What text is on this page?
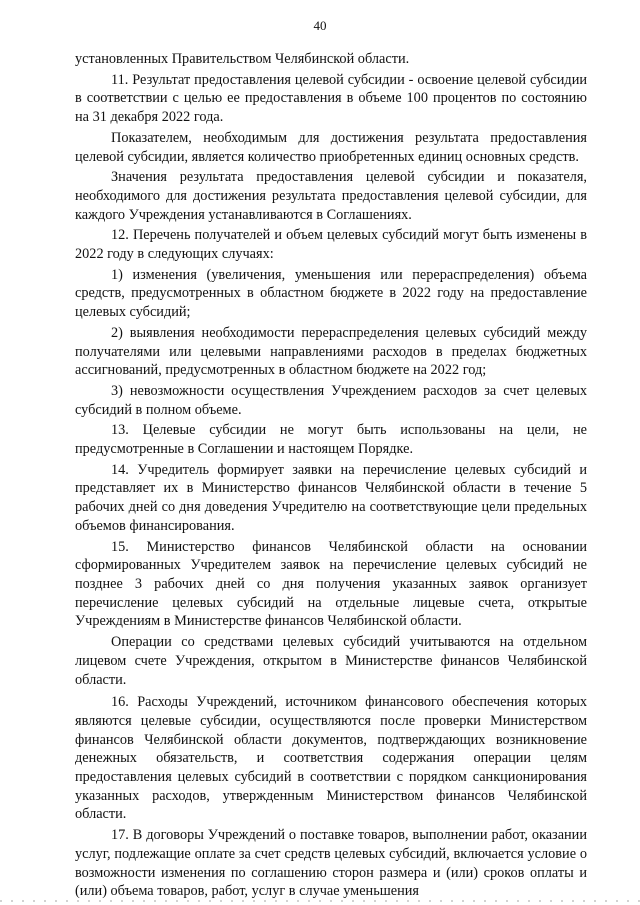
40

установленных Правительством Челябинской области.

11. Результат предоставления целевой субсидии - освоение целевой субсидии в соответствии с целью ее предоставления в объеме 100 процентов по состоянию на 31 декабря 2022 года.

Показателем, необходимым для достижения результата предоставления целевой субсидии, является количество приобретенных единиц основных средств.

Значения результата предоставления целевой субсидии и показателя, необходимого для достижения результата предоставления целевой субсидии, для каждого Учреждения устанавливаются в Соглашениях.

12. Перечень получателей и объем целевых субсидий могут быть изменены в 2022 году в следующих случаях:

1) изменения (увеличения, уменьшения или перераспределения) объема средств, предусмотренных в областном бюджете в 2022 году на предоставление целевых субсидий;

2) выявления необходимости перераспределения целевых субсидий между получателями или целевыми направлениями расходов в пределах бюджетных ассигнований, предусмотренных в областном бюджете на 2022 год;

3) невозможности осуществления Учреждением расходов за счет целевых субсидий в полном объеме.

13. Целевые субсидии не могут быть использованы на цели, не предусмотренные в Соглашении и настоящем Порядке.

14. Учредитель формирует заявки на перечисление целевых субсидий и представляет их в Министерство финансов Челябинской области в течение 5 рабочих дней со дня доведения Учредителю на соответствующие цели предельных объемов финансирования.

15. Министерство финансов Челябинской области на основании сформированных Учредителем заявок на перечисление целевых субсидий не позднее 3 рабочих дней со дня получения указанных заявок организует перечисление целевых субсидий на отдельные лицевые счета, открытые Учреждениям в Министерстве финансов Челябинской области.

Операции со средствами целевых субсидий учитываются на отдельном лицевом счете Учреждения, открытом в Министерстве финансов Челябинской области.

16. Расходы Учреждений, источником финансового обеспечения которых являются целевые субсидии, осуществляются после проверки Министерством финансов Челябинской области документов, подтверждающих возникновение денежных обязательств, и соответствия содержания операции целям предоставления целевых субсидий в соответствии с порядком санкционирования указанных расходов, утвержденным Министерством финансов Челябинской области.

17. В договоры Учреждений о поставке товаров, выполнении работ, оказании услуг, подлежащие оплате за счет средств целевых субсидий, включается условие о возможности изменения по соглашению сторон размера и (или) сроков оплаты и (или) объема товаров, работ, услуг в случае уменьшения
